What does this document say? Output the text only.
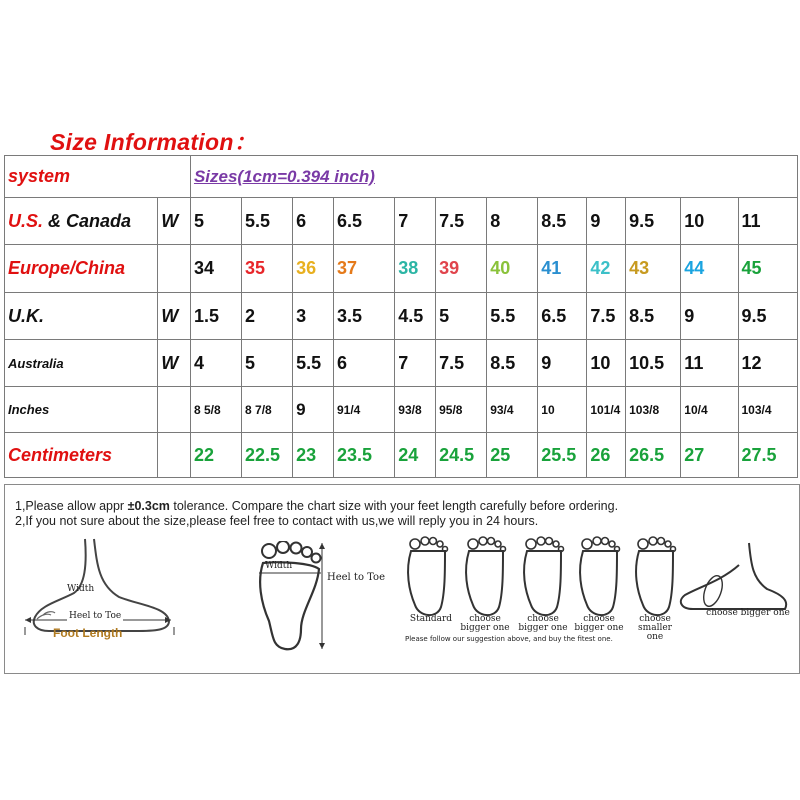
Size Information：
system		Sizes(1cm=0.394 inch)											
U.S. & Canada	W	5	5.5	6	6.5	7	7.5	8	8.5	9	9.5	10	11
Europe/China		34	35	36	37	38	39	40	41	42	43	44	45
U.K.	W	1.5	2	3	3.5	4.5	5	5.5	6.5	7.5	8.5	9	9.5
Australia	W	4	5	5.5	6	7	7.5	8.5	9	10	10.5	11	12
Inches		8 5/8	8 7/8	9	91/4	93/8	95/8	93/4	10	101/4	103/8	10/4	103/4
Centimeters		22	22.5	23	23.5	24	24.5	25	25.5	26	26.5	27	27.5
1,Please allow appr ±0.3cm tolerance. Compare the chart size with your feet length carefully before ordering.
2,If you not sure about the size,please feel free to contact with us,we will reply you in 24 hours.
Width
Heel to Toe
Foot Length
Width
Heel to Toe
Standard	choose bigger one
choose bigger one
choose bigger one
choose smaller one
choose bigger one
Please follow our suggestion above, and buy the fitest one.
